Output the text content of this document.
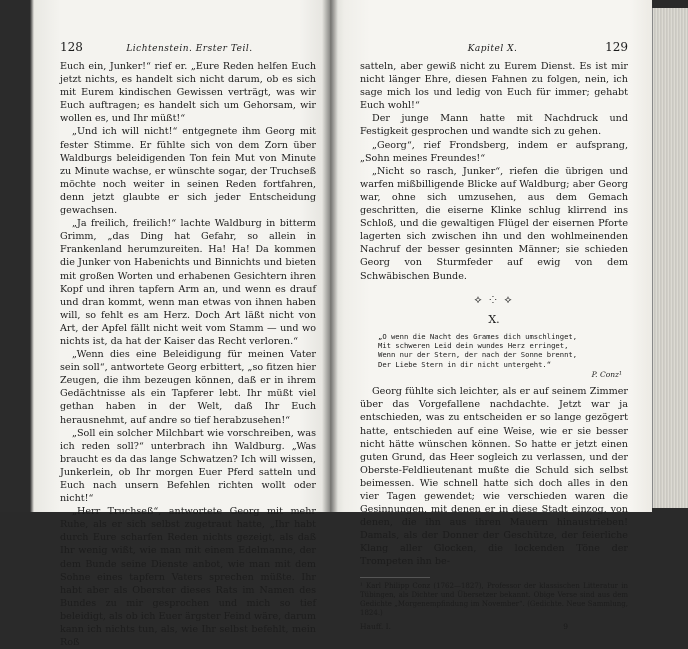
128	Lichtenstein. Erster Teil.

Euch ein, Junker!“ rief er. „Eure Reden helfen Euch jetzt nichts, es handelt sich nicht darum, ob es sich mit Eurem kindischen Gewissen verträgt, was wir Euch auftragen; es handelt sich um Gehorsam, wir wollen es, und Ihr müßt!“

„Und ich will nicht!“ entgegnete ihm Georg mit fester Stimme. Er fühlte sich von dem Zorn über Waldburgs beleidigenden Ton fein Mut von Minute zu Minute wachse, er wünschte sogar, der Truchseß möchte noch weiter in seinen Reden fortfahren, denn jetzt glaubte er sich jeder Entscheidung gewachsen.

„Ja freilich, freilich!“ lachte Waldburg in bitterm Grimm, „das Ding hat Gefahr, so allein in Frankenland herumzureiten. Ha! Ha! Da kommen die Junker von Habenichts und Binnichts und bieten mit großen Worten und erhabenen Gesichtern ihren Kopf und ihren tapfern Arm an, und wenn es drauf und dran kommt, wenn man etwas von ihnen haben will, so fehlt es am Herz. Doch Art läßt nicht von Art, der Apfel fällt nicht weit vom Stamm — und wo nichts ist, da hat der Kaiser das Recht verloren.“

„Wenn dies eine Beleidigung für meinen Vater sein soll“, antwortete Georg erbittert, „so fitzen hier Zeugen, die ihm bezeugen können, daß er in ihrem Gedächtnisse als ein Tapferer lebt. Ihr müßt viel gethan haben in der Welt, daß Ihr Euch herausnehmt, auf andre so tief herabzusehen!“

„Soll ein solcher Milchbart wie vorschreiben, was ich reden soll?“ unterbrach ihn Waldburg. „Was braucht es da das lange Schwatzen? Ich will wissen, Junkerlein, ob Ihr morgen Euer Pferd satteln und Euch nach unsern Befehlen richten wollt oder nicht!“

„Herr Truchseß“, antwortete Georg mit mehr Ruhe, als er sich selbst zugetraut hatte, „Ihr habt durch Eure scharfen Reden nichts gezeigt, als daß Ihr wenig wißt, wie man mit einem Edelmanne, der dem Bunde seine Dienste anbot, wie man mit dem Sohne eines tapfern Vaters sprechen müßte. Ihr habt aber als Oberster dieses Rats im Namen des Bundes zu mir gesprochen und mich so tief beleidigt, als ob ich Euer ärgster Feind wäre, darum kann ich nichts tun, als, wie Ihr selbst befehlt, mein Roß

Kapitel X.	129

satteln, aber gewiß nicht zu Eurem Dienst. Es ist mir nicht länger Ehre, diesen Fahnen zu folgen, nein, ich sage mich los und ledig von Euch für immer; gehabt Euch wohl!“

Der junge Mann hatte mit Nachdruck und Festigkeit gesprochen und wandte sich zu gehen.

„Georg“, rief Frondsberg, indem er aufsprang, „Sohn meines Freundes!“

„Nicht so rasch, Junker“, riefen die übrigen und warfen mißbilligende Blicke auf Waldburg; aber Georg war, ohne sich umzusehen, aus dem Gemach geschritten, die eiserne Klinke schlug klirrend ins Schloß, und die gewaltigen Flügel der eisernen Pforte lagerten sich zwischen ihn und den wohlmeinenden Nachruf der besser gesinnten Männer; sie schieden Georg von Sturmfeder auf ewig von dem Schwäbischen Bunde.

⟡ ⁘ ⟡
X.
„O wenn die Nacht des Grames dich umschlinget,
Mit schweren Leid dein wundes Herz erringet,
Wenn nur der Stern, der nach der Sonne brennt,
Der Liebe Stern in dir nicht untergeht.“
P. Conz¹

Georg fühlte sich leichter, als er auf seinem Zimmer über das Vorgefallene nachdachte. Jetzt war ja entschieden, was zu entscheiden er so lange gezögert hatte, entschieden auf eine Weise, wie er sie besser nicht hätte wünschen können. So hatte er jetzt einen guten Grund, das Heer sogleich zu verlassen, und der Oberste-Feldlieutenant mußte die Schuld sich selbst beimessen. Wie schnell hatte sich doch alles in den vier Tagen gewendet; wie verschieden waren die Gesinnungen, mit denen er in diese Stadt einzog, von denen, die ihn aus ihren Mauern hinaustrieben! Damals, als der Donner der Geschütze, der feierliche Klang aller Glocken, die lockenden Töne der Trompeten ihn be-

¹ Karl Philipp Conz (1762—1827), Professor der klassischen Litteratur in Tübingen, als Dichter und Übersetzer bekannt. Obige Verse sind aus dem Gedichte „Morgenempfindung im November“. (Gedichte. Neue Sammlung, 1824.)
Hauff. I.	9
